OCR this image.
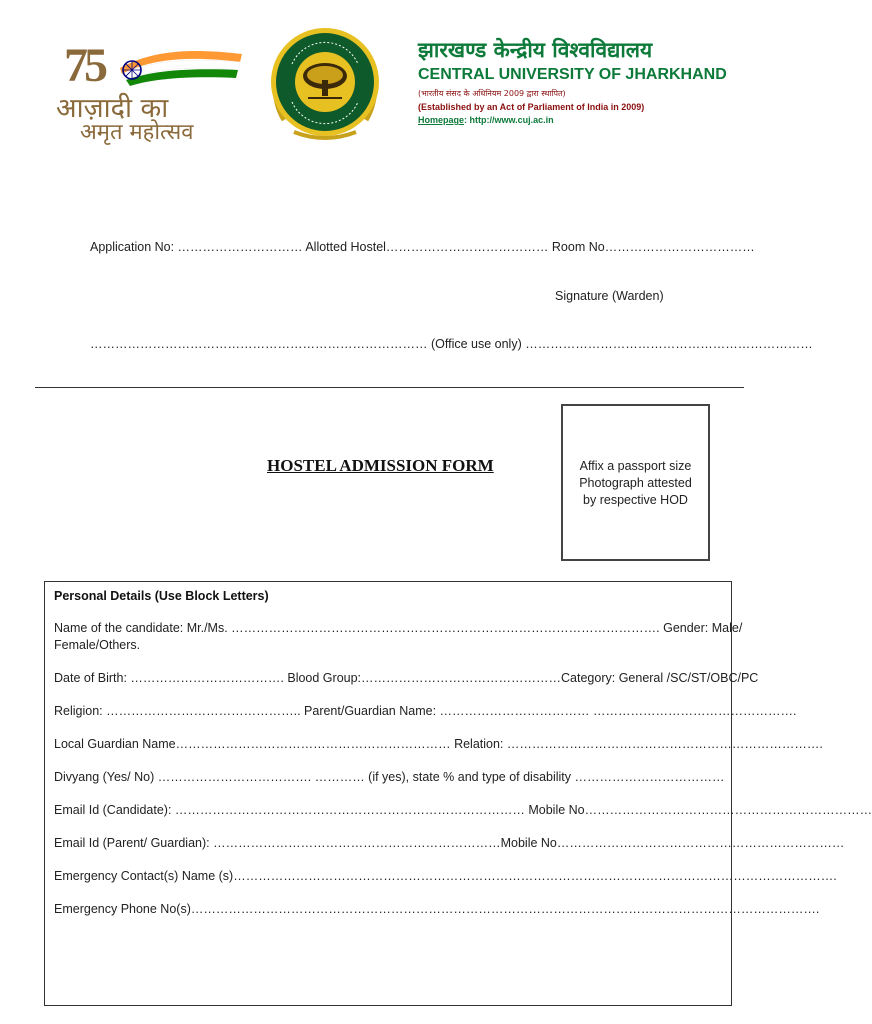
75
आज़ादी का
अमृत महोत्सव
झारखण्ड केन्द्रीय विश्वविद्यालय
CENTRAL UNIVERSITY OF JHARKHAND
(भारतीय संसद के अधिनियम 2009 द्वारा स्थापित)
(Established by an Act of Parliament of India in 2009)
Homepage: http://www.cuj.ac.in
Application No: ………………………… Allotted Hostel………………………………… Room No………………………………
Signature (Warden)
……………………………………………………………………… (Office use only) ……………………………………………………………
HOSTEL ADMISSION FORM	Affix a passport size Photograph attested by respective HOD
Personal Details (Use Block Letters)
Name of the candidate: Mr./Ms. …………………………………………………………………………………………. Gender: Male/
Female/Others.
Date of Birth: ………………………………. Blood Group:…………………………………………Category: General /SC/ST/OBC/PC
Religion: ……………………………………….. Parent/Guardian Name: ……………………………… ………………………………………….
Local Guardian Name………………………………………………………… Relation: ………………………………………………………………….
Divyang (Yes/ No) ………………………………. ………… (if yes), state % and type of disability ………………………………
Email Id (Candidate): ………………………………………………………………………… Mobile No……………………………………………………………
Email Id (Parent/ Guardian): ……………………………………………………………Mobile No……………………………………………………………
Emergency Contact(s) Name (s)……………………………………………………………………………………………………………………………….
Emergency Phone No(s)…………………………………………………………………………………………………………………………………….
